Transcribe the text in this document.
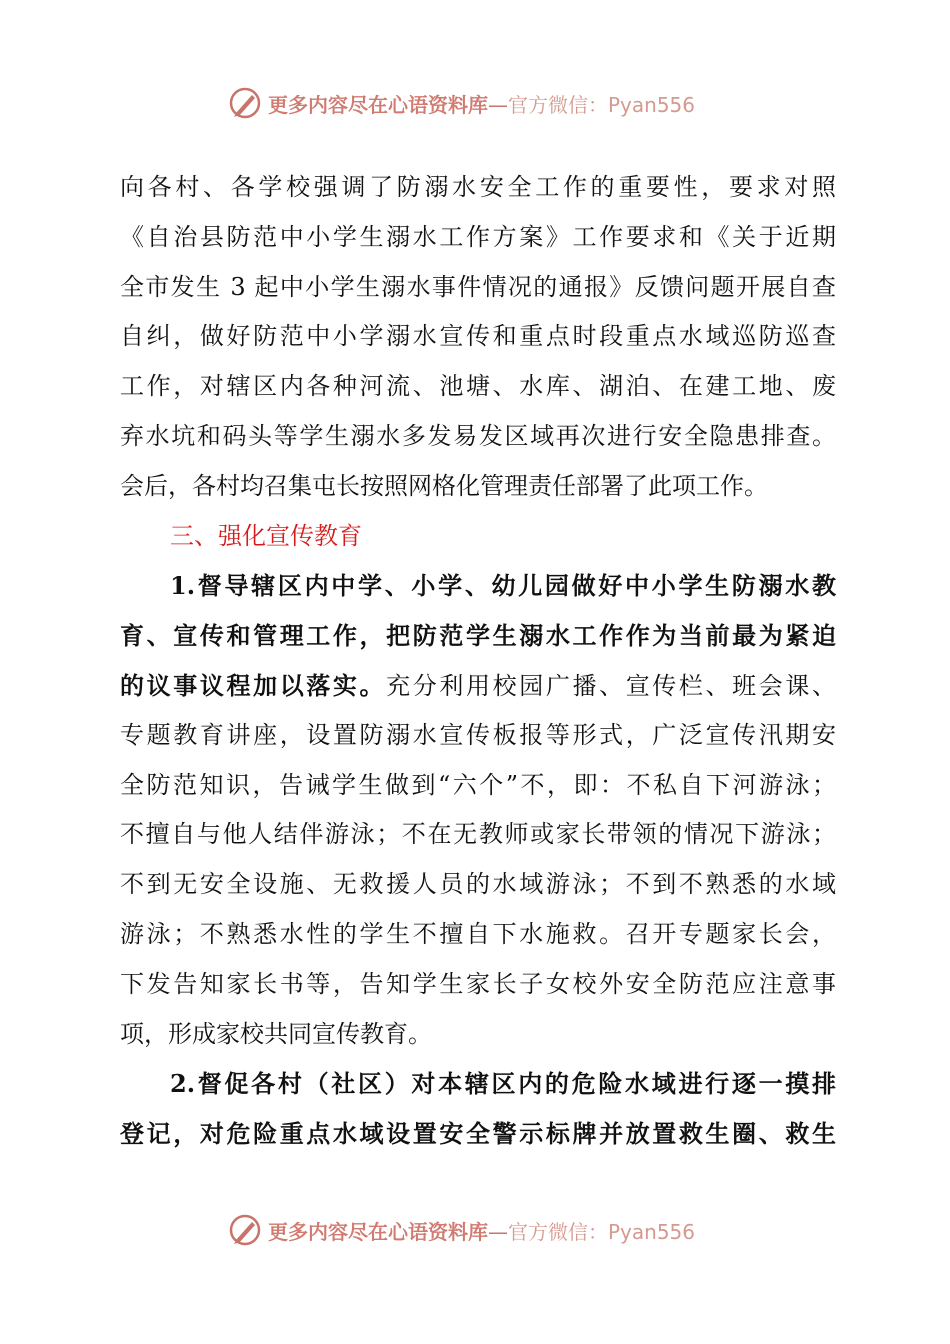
更多内容尽在心语资料库—官方微信：Pyan556
向各村、各学校强调了防溺水安全工作的重要性，要求对照
《自治县防范中小学生溺水工作方案》工作要求和《关于近期
全市发生 3 起中小学生溺水事件情况的通报》反馈问题开展自查
自纠，做好防范中小学溺水宣传和重点时段重点水域巡防巡查
工作，对辖区内各种河流、池塘、水库、湖泊、在建工地、废
弃水坑和码头等学生溺水多发易发区域再次进行安全隐患排查。
会后，各村均召集屯长按照网格化管理责任部署了此项工作。
三、强化宣传教育
1.督导辖区内中学、小学、幼儿园做好中小学生防溺水教
育、宣传和管理工作，把防范学生溺水工作作为当前最为紧迫
的议事议程加以落实。充分利用校园广播、宣传栏、班会课、
专题教育讲座，设置防溺水宣传板报等形式，广泛宣传汛期安
全防范知识，告诫学生做到“六个”不，即：不私自下河游泳；
不擅自与他人结伴游泳；不在无教师或家长带领的情况下游泳；
不到无安全设施、无救援人员的水域游泳；不到不熟悉的水域
游泳；不熟悉水性的学生不擅自下水施救。召开专题家长会，
下发告知家长书等，告知学生家长子女校外安全防范应注意事
项，形成家校共同宣传教育。
2.督促各村（社区）对本辖区内的危险水域进行逐一摸排
登记，对危险重点水域设置安全警示标牌并放置救生圈、救生
更多内容尽在心语资料库—官方微信：Pyan556
